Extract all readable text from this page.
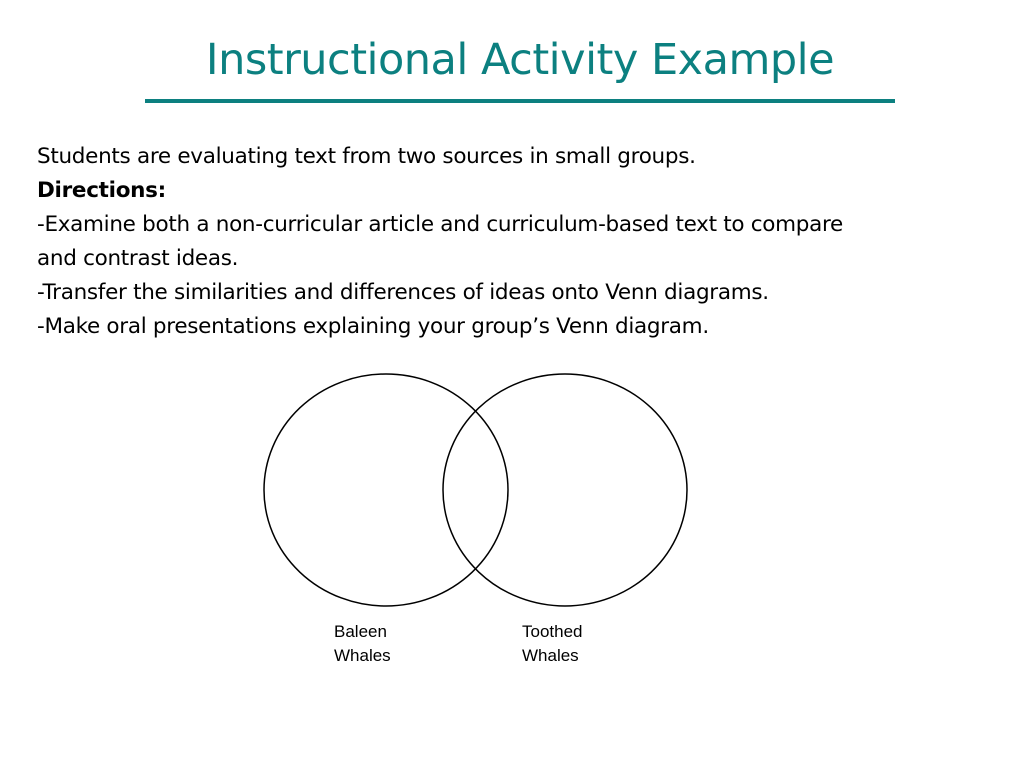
Instructional Activity Example
Students are evaluating text from two sources in small groups.
Directions:
-Examine both a non-curricular article and curriculum-based text to compare
and contrast ideas.
-Transfer the similarities and differences of ideas onto Venn diagrams.
-Make oral presentations explaining your group’s Venn diagram.
Baleen
Whales
Toothed
Whales
